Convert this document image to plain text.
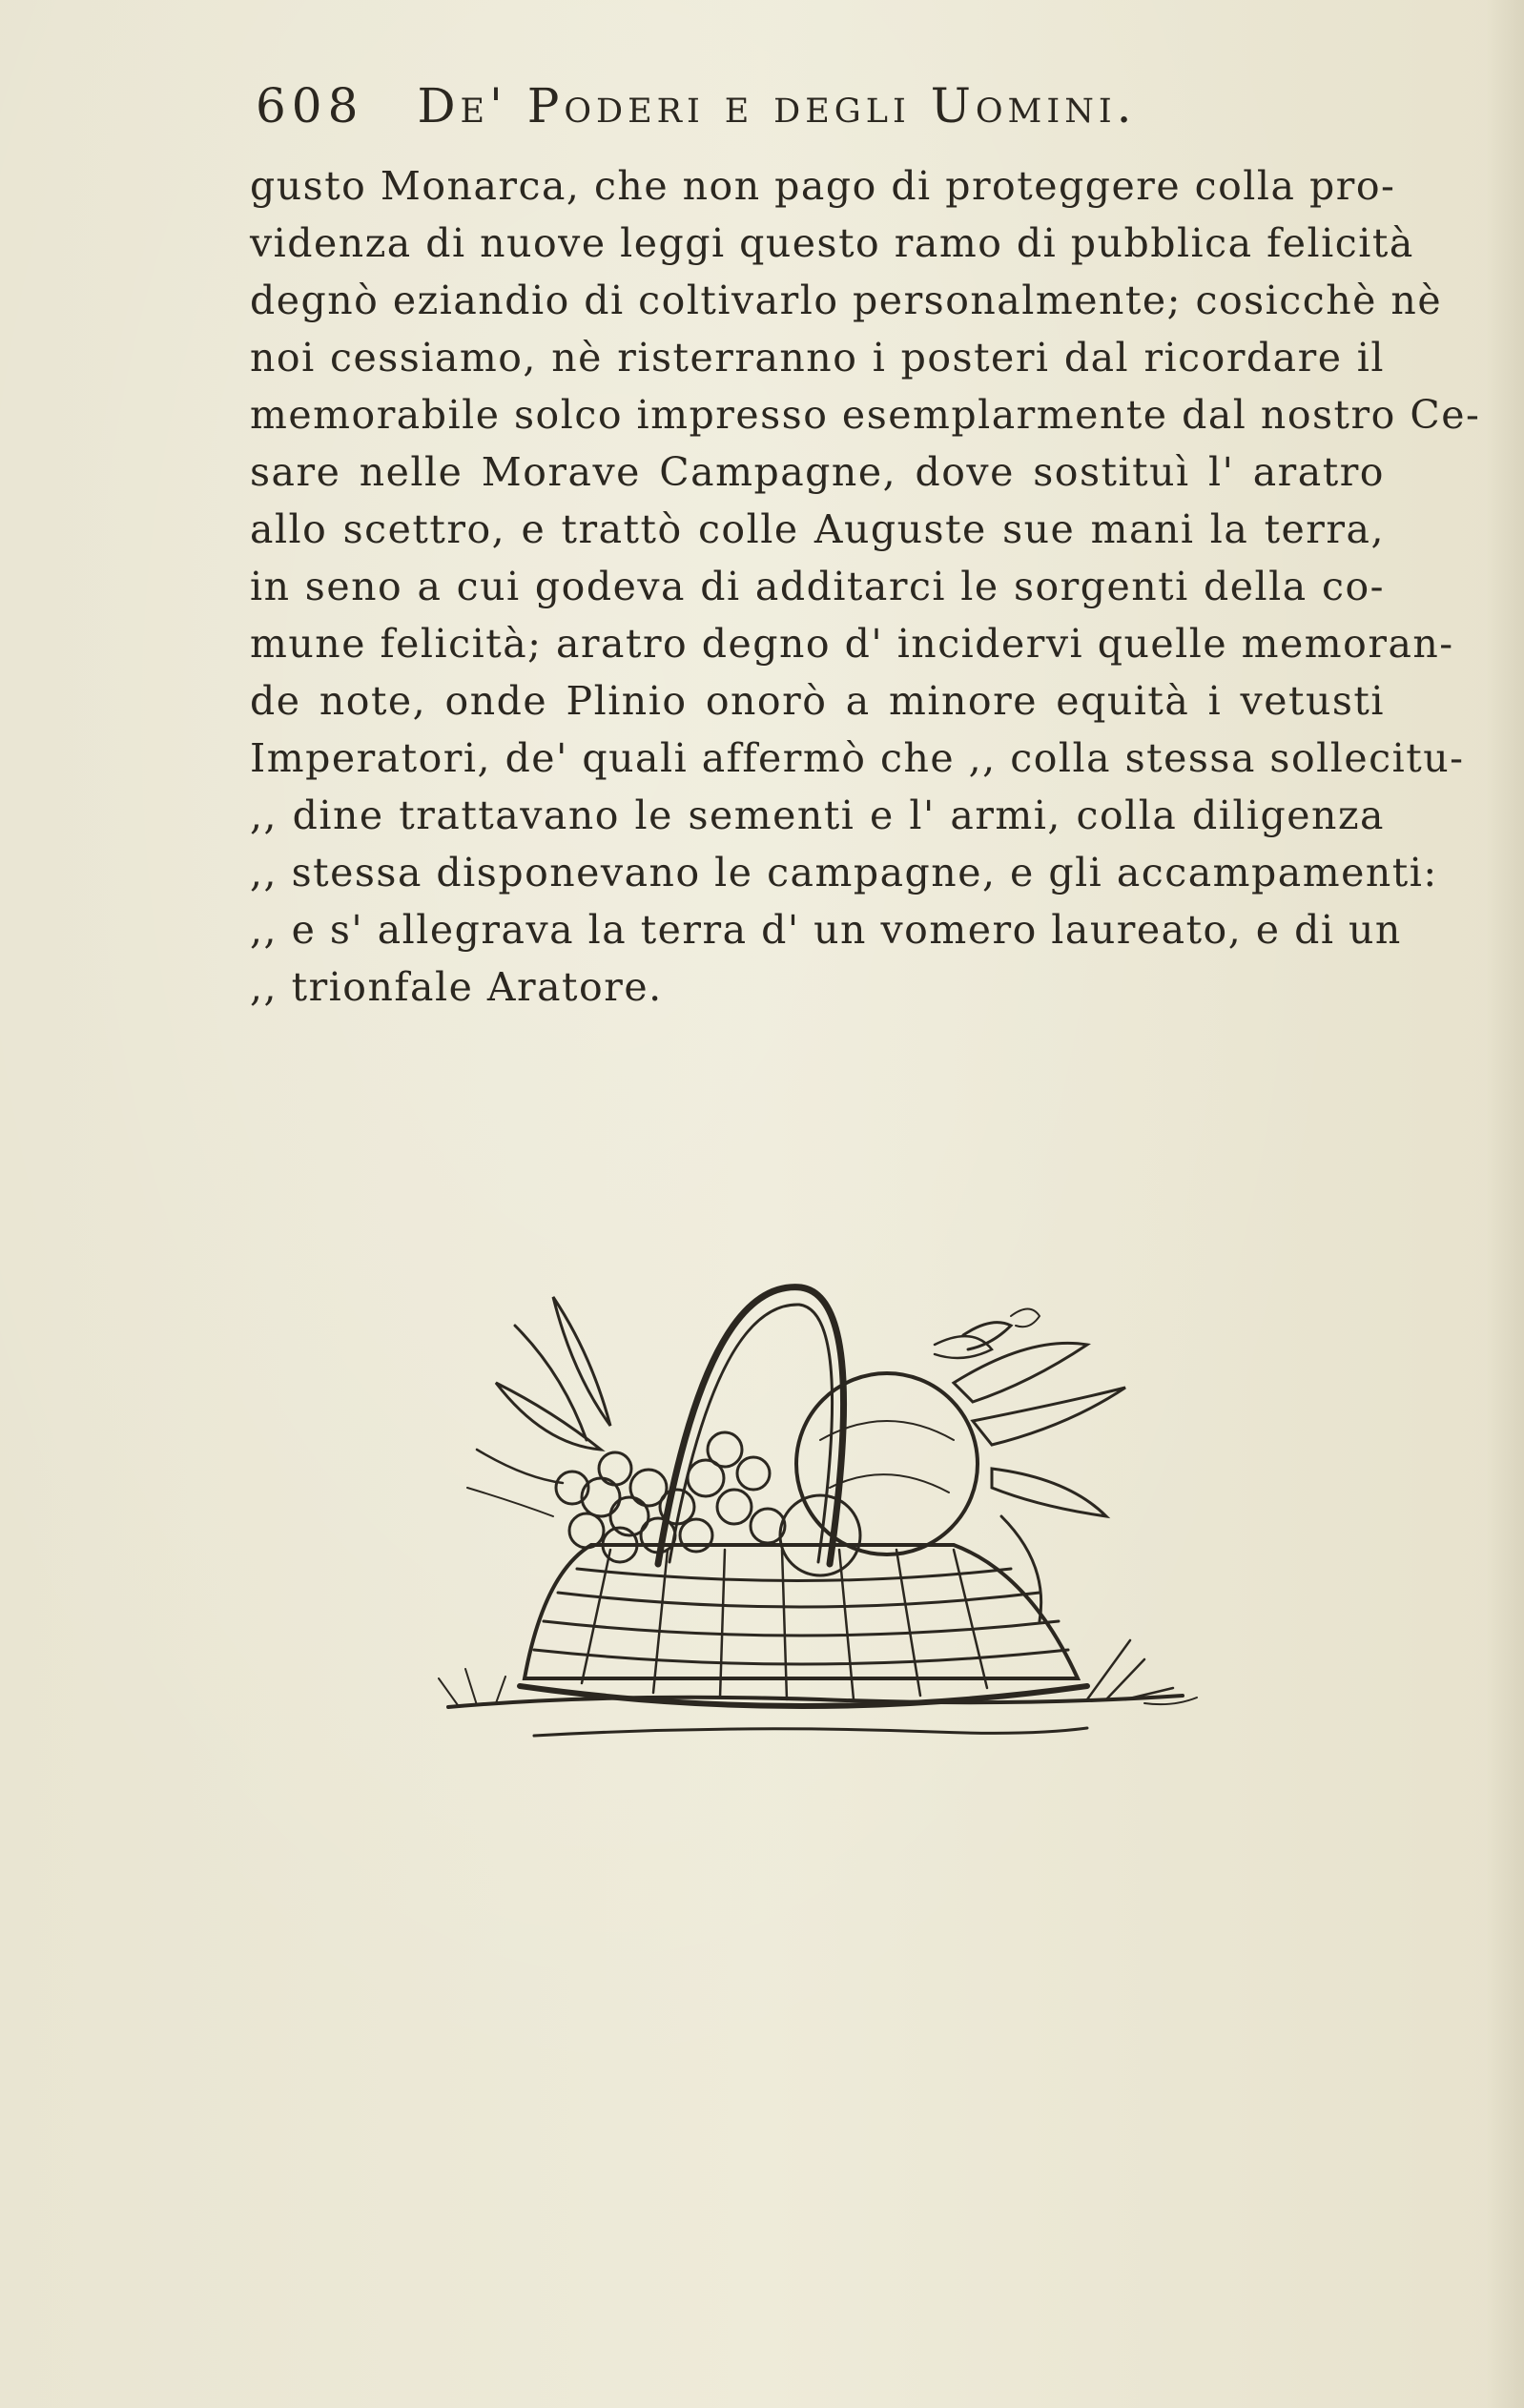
608 De' Poderi e degli Uomini.
gusto Monarca, che non pago di proteggere colla pro-
videnza di nuove leggi questo ramo di pubblica felicità
degnò eziandio di coltivarlo personalmente; cosicchè nè
noi cessiamo, nè risterranno i posteri dal ricordare il
memorabile solco impresso esemplarmente dal nostro Ce-
sare nelle Morave Campagne, dove sostituì l' aratro
allo scettro, e trattò colle Auguste sue mani la terra,
in seno a cui godeva di additarci le sorgenti della co-
mune felicità; aratro degno d' incidervi quelle memoran-
de note, onde Plinio onorò a minore equità i vetusti
Imperatori, de' quali affermò che ,, colla stessa sollecitu-
,, dine trattavano le sementi e l' armi, colla diligenza
,, stessa disponevano le campagne, e gli accampamenti:
,, e s' allegrava la terra d' un vomero laureato, e di un
,, trionfale Aratore.
